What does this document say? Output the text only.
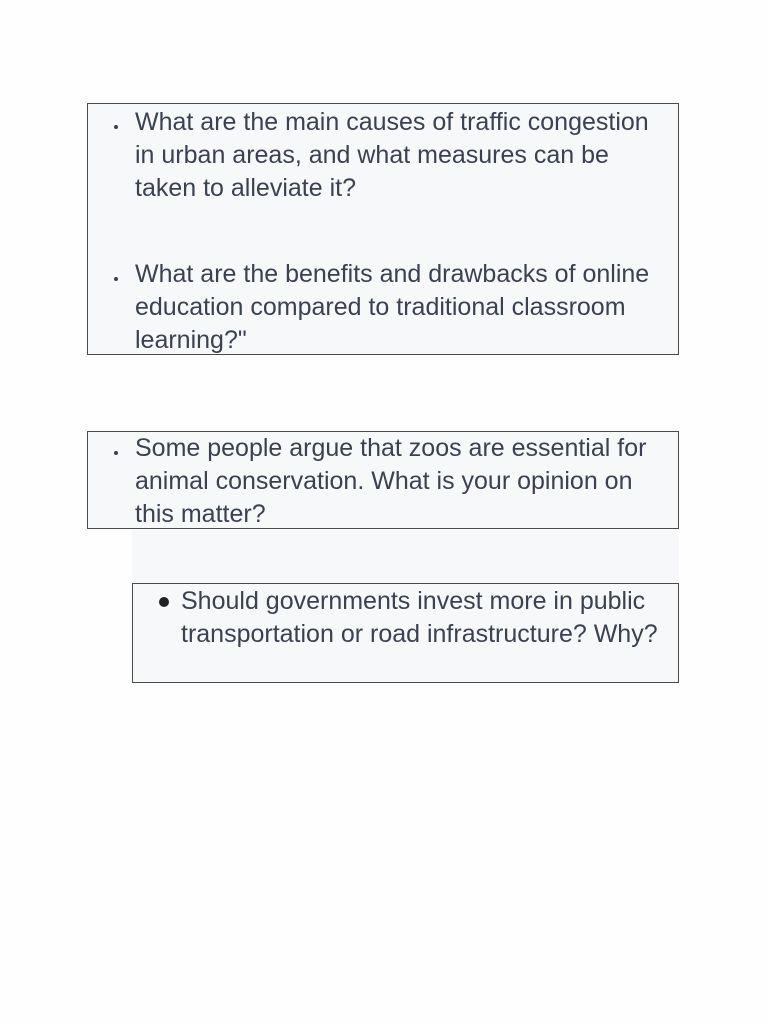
What are the main causes of traffic congestion in urban areas, and what measures can be taken to alleviate it?
What are the benefits and drawbacks of online education compared to traditional classroom learning?"
Some people argue that zoos are essential for animal conservation. What is your opinion on this matter?
Should governments invest more in public transportation or road infrastructure? Why?
